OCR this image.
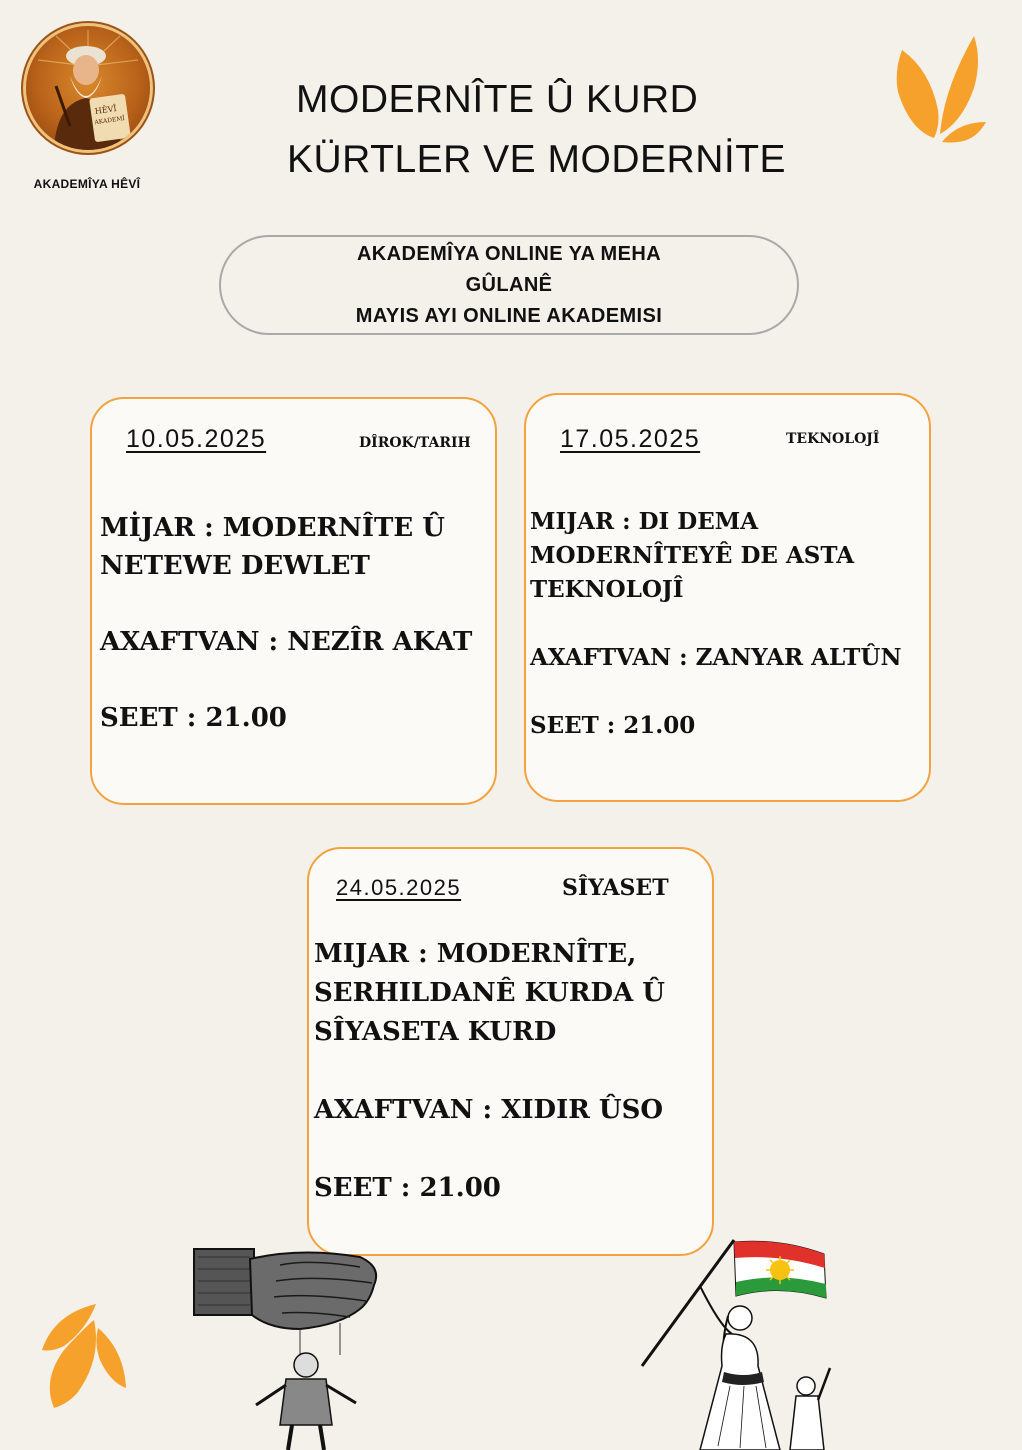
HÊVÎ
AKADEMÎ
AKADEMÎYA HÊVÎ
MODERNÎTE Û KURD
KÜRTLER VE MODERNİTE
AKADEMÎYA ONLINE YA MEHA
GÛLANÊ
MAYIS AYI ONLINE AKADEMISI
10.05.2025	DÎROK/TARIH

MİJAR : MODERNÎTE Û NETEWE DEWLET

AXAFTVAN : NEZÎR AKAT

SEET : 21.00

17.05.2025	TEKNOLOJÎ

MIJAR : DI DEMA MODERNÎTEYÊ DE ASTA TEKNOLOJÎ

AXAFTVAN : ZANYAR ALTÛN

SEET : 21.00

24.05.2025	SÎYASET

MIJAR : MODERNÎTE, SERHILDANÊ KURDA Û SÎYASETA KURD

AXAFTVAN : XIDIR ÛSO

SEET : 21.00
